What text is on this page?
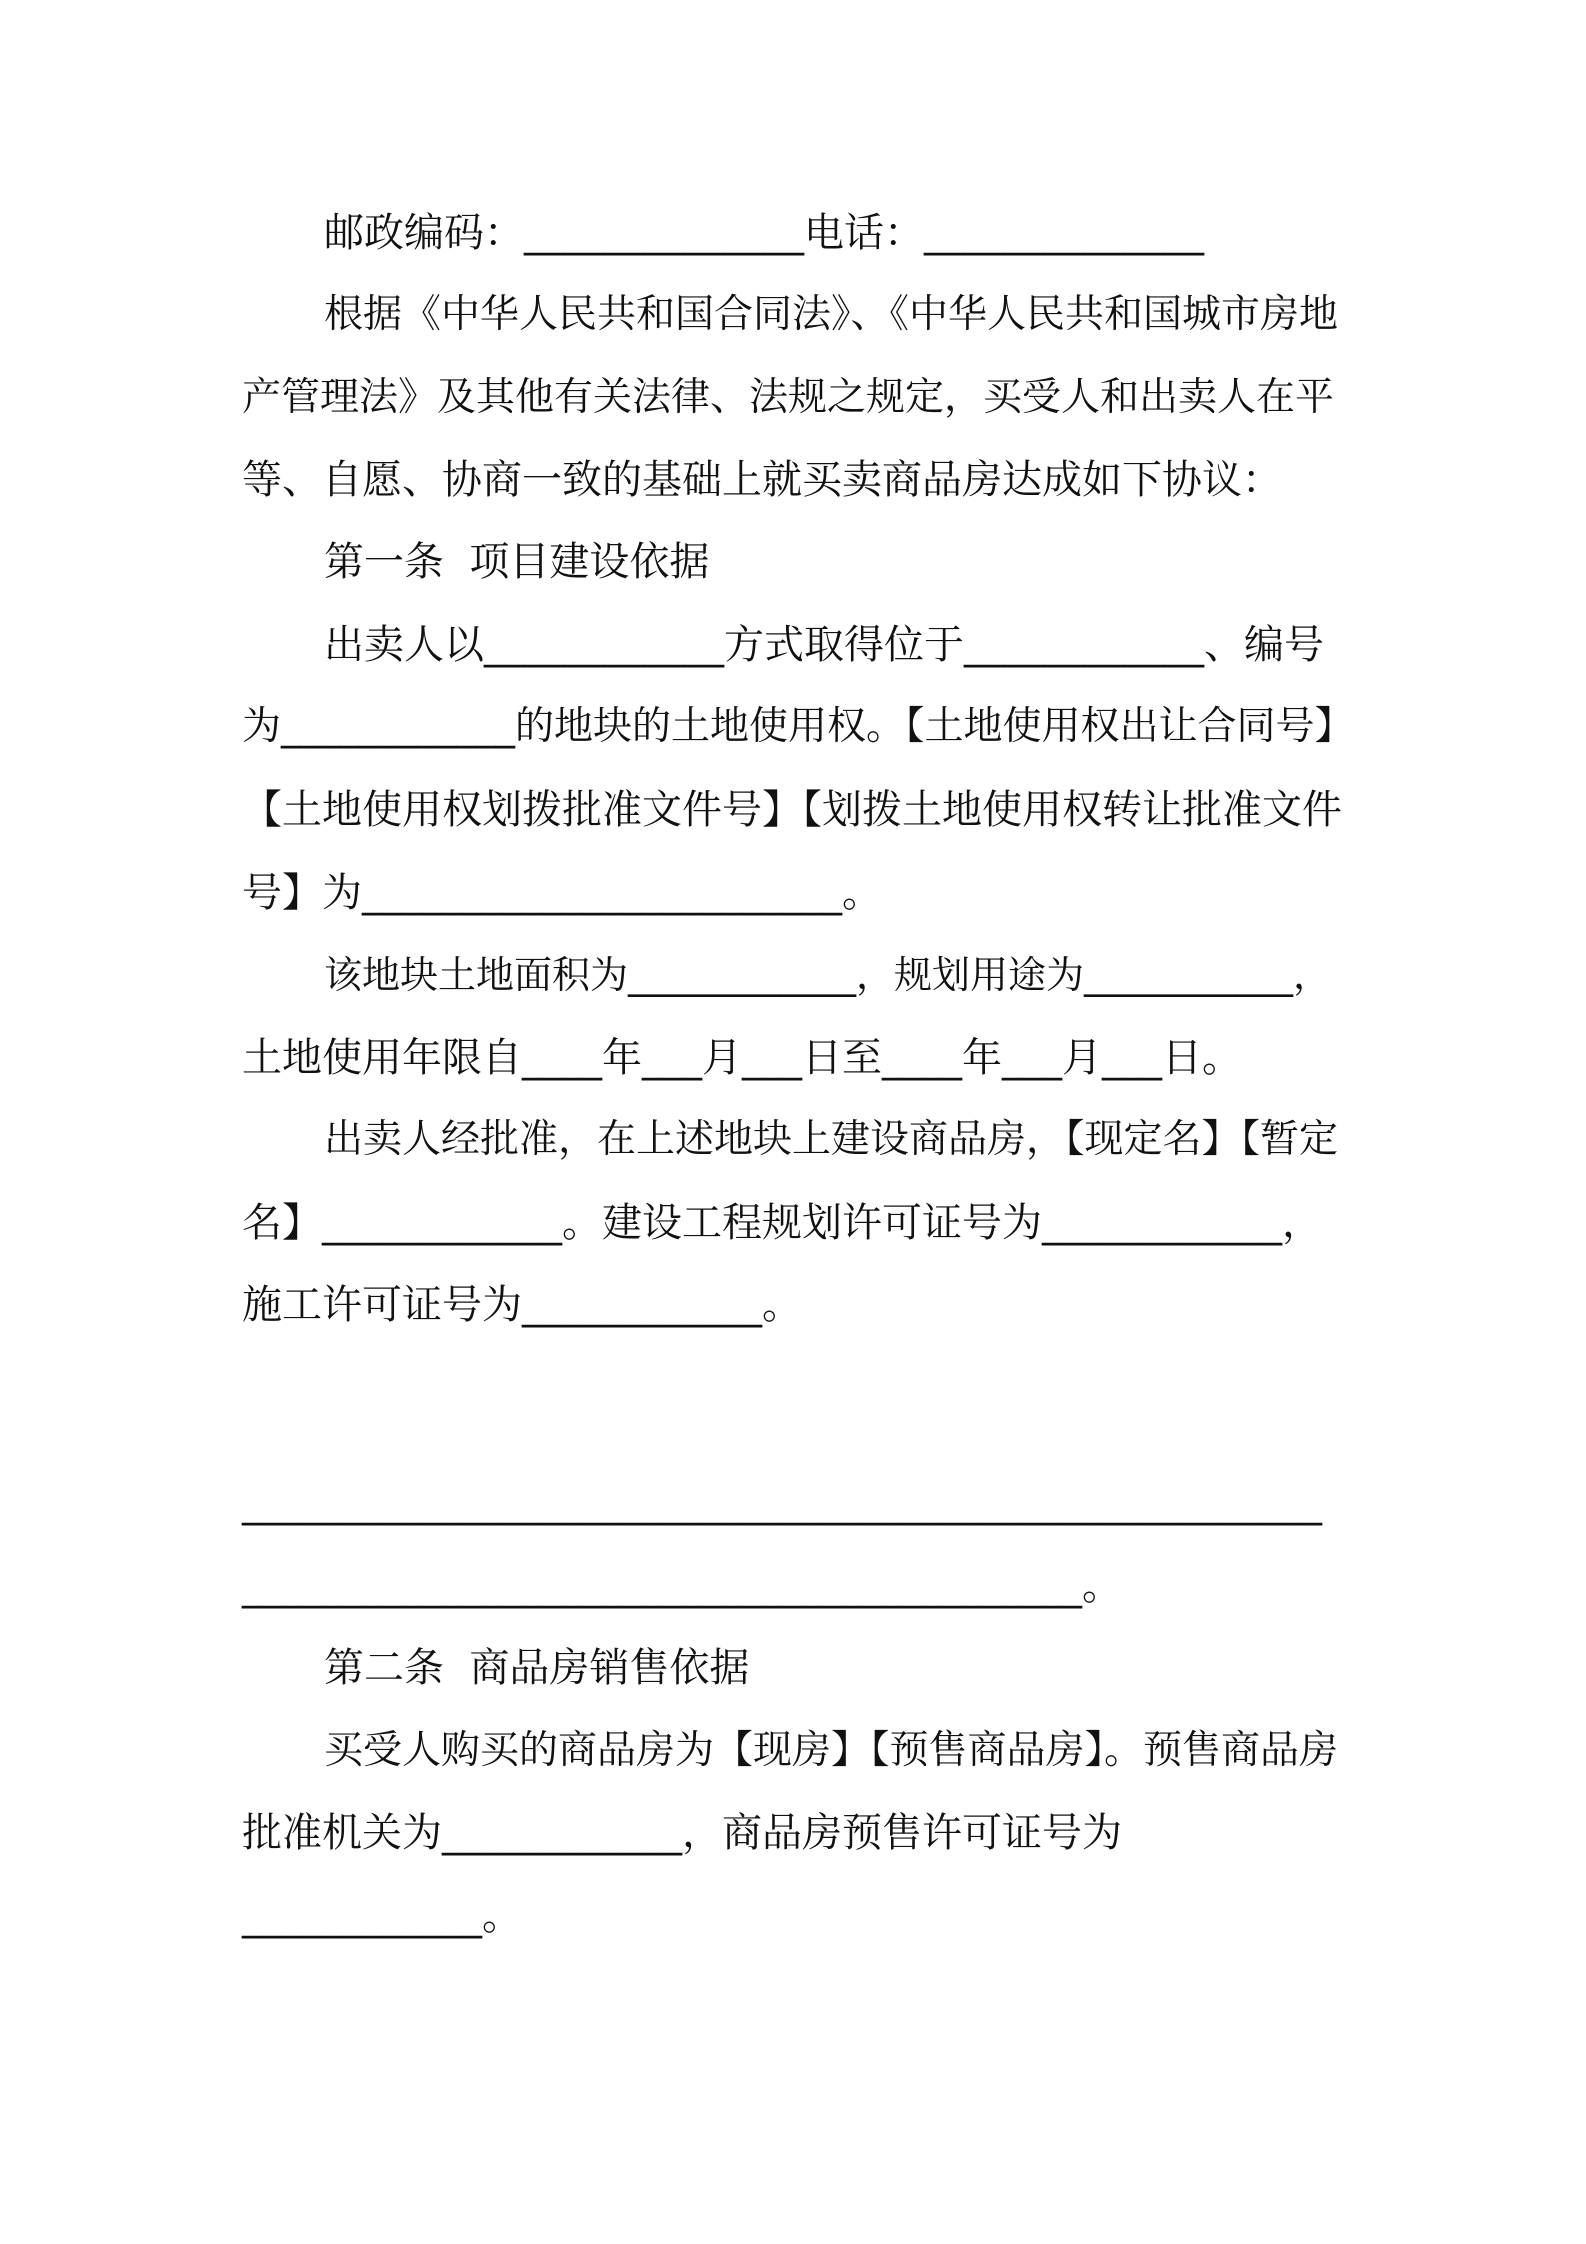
邮政编码：______________电话：______________
根据《中华人民共和国合同法》、《中华人民共和国城市房地
产管理法》及其他有关法律、法规之规定，买受人和出卖人在平
等、自愿、协商一致的基础上就买卖商品房达成如下协议：
第一条  项目建设依据
出卖人以____________方式取得位于____________、编号
为____________的地块的土地使用权。【土地使用权出让合同号】
【土地使用权划拨批准文件号】【划拨土地使用权转让批准文件
号】为________________________。
该地块土地面积为____________，规划用途为___________，
土地使用年限自____年___月___日至____年___月___日。
出卖人经批准，在上述地块上建设商品房，【现定名】【暂定
名】____________。建设工程规划许可证号为____________，
施工许可证号为____________。
______________________________________________________
__________________________________________。
第二条  商品房销售依据
买受人购买的商品房为【现房】【预售商品房】。预售商品房
批准机关为____________，商品房预售许可证号为
____________。
